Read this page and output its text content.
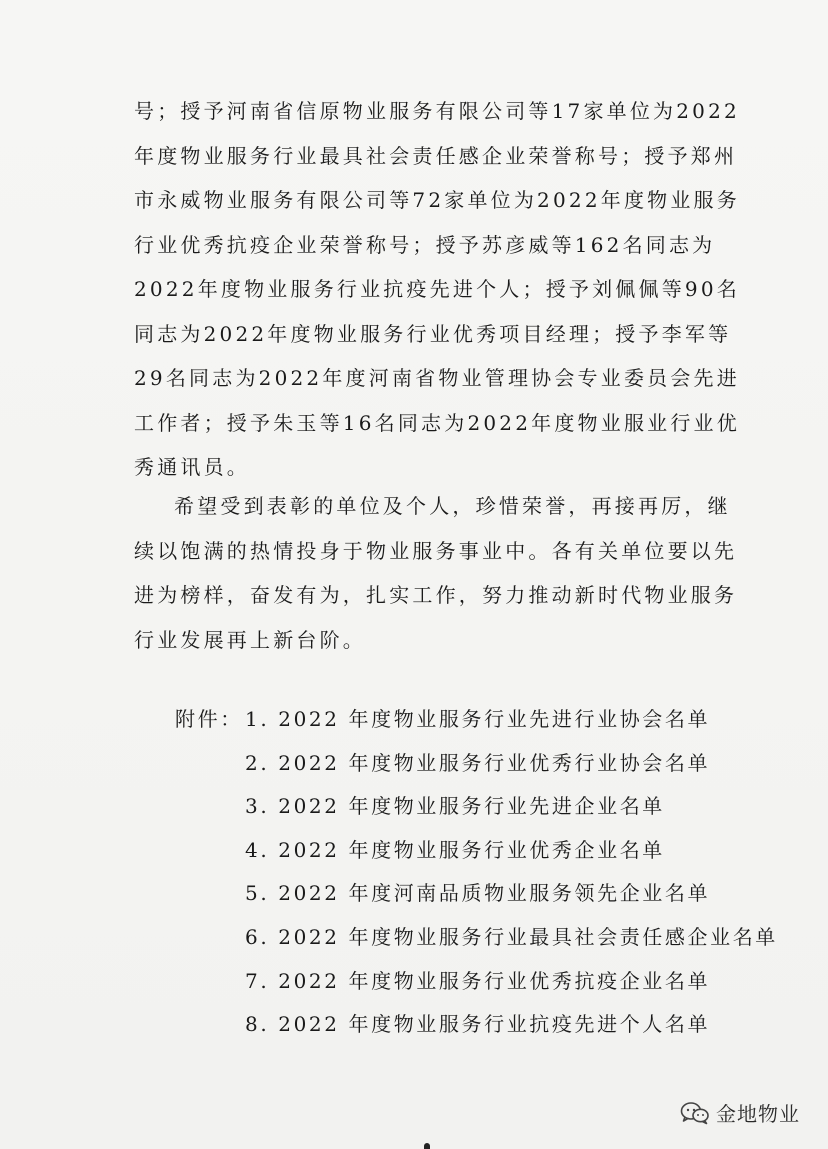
号；授予河南省信原物业服务有限公司等17家单位为2022
年度物业服务行业最具社会责任感企业荣誉称号；授予郑州
市永威物业服务有限公司等72家单位为2022年度物业服务
行业优秀抗疫企业荣誉称号；授予苏彦威等162名同志为
2022年度物业服务行业抗疫先进个人；授予刘佩佩等90名
同志为2022年度物业服务行业优秀项目经理；授予李军等
29名同志为2022年度河南省物业管理协会专业委员会先进
工作者；授予朱玉等16名同志为2022年度物业服业行业优
秀通讯员。
希望受到表彰的单位及个人，珍惜荣誉，再接再厉，继
续以饱满的热情投身于物业服务事业中。各有关单位要以先
进为榜样，奋发有为，扎实工作，努力推动新时代物业服务
行业发展再上新台阶。
附件： 1. 2022 年度物业服务行业先进行业协会名单
2. 2022 年度物业服务行业优秀行业协会名单
3. 2022 年度物业服务行业先进企业名单
4. 2022 年度物业服务行业优秀企业名单
5. 2022 年度河南品质物业服务领先企业名单
6. 2022 年度物业服务行业最具社会责任感企业名单
7. 2022 年度物业服务行业优秀抗疫企业名单
8. 2022 年度物业服务行业抗疫先进个人名单
金地物业
